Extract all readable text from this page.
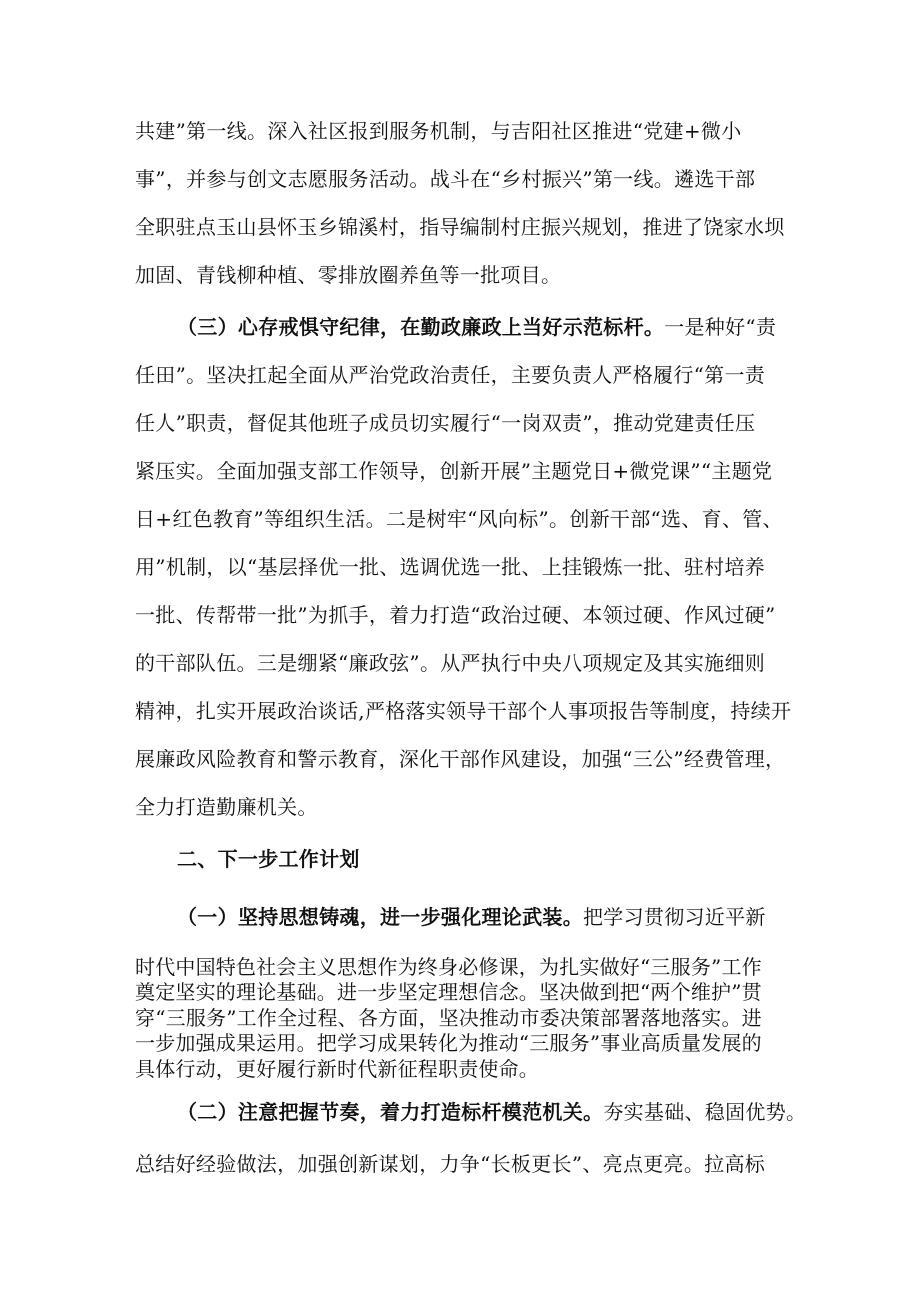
共建”第一线。深入社区报到服务机制，与吉阳社区推进“党建+微小
事”，并参与创文志愿服务活动。战斗在“乡村振兴”第一线。遴选干部
全职驻点玉山县怀玉乡锦溪村，指导编制村庄振兴规划，推进了饶家水坝
加固、青钱柳种植、零排放圈养鱼等一批项目。
（三）心存戒惧守纪律，在勤政廉政上当好示范标杆。一是种好“责
任田”。坚决扛起全面从严治党政治责任，主要负责人严格履行“第一责
任人”职责，督促其他班子成员切实履行“一岗双责”，推动党建责任压
紧压实。全面加强支部工作领导，创新开展”主题党日+微党课”“主题党
日+红色教育”等组织生活。二是树牢“风向标”。创新干部“选、育、管、
用”机制，以“基层择优一批、选调优选一批、上挂锻炼一批、驻村培养
一批、传帮带一批”为抓手，着力打造“政治过硬、本领过硬、作风过硬”
的干部队伍。三是绷紧“廉政弦”。从严执行中央八项规定及其实施细则
精神，扎实开展政治谈话,严格落实领导干部个人事项报告等制度，持续开
展廉政风险教育和警示教育，深化干部作风建设，加强“三公”经费管理，
全力打造勤廉机关。
二、下一步工作计划
（一）坚持思想铸魂，进一步强化理论武装。把学习贯彻习近平新
时代中国特色社会主义思想作为终身必修课，为扎实做好“三服务”工作
奠定坚实的理论基础。进一步坚定理想信念。坚决做到把“两个维护”贯
穿“三服务”工作全过程、各方面，坚决推动市委决策部署落地落实。进
一步加强成果运用。把学习成果转化为推动“三服务”事业高质量发展的
具体行动，更好履行新时代新征程职责使命。
（二）注意把握节奏，着力打造标杆模范机关。夯实基础、稳固优势。
总结好经验做法，加强创新谋划，力争“长板更长”、亮点更亮。拉高标
